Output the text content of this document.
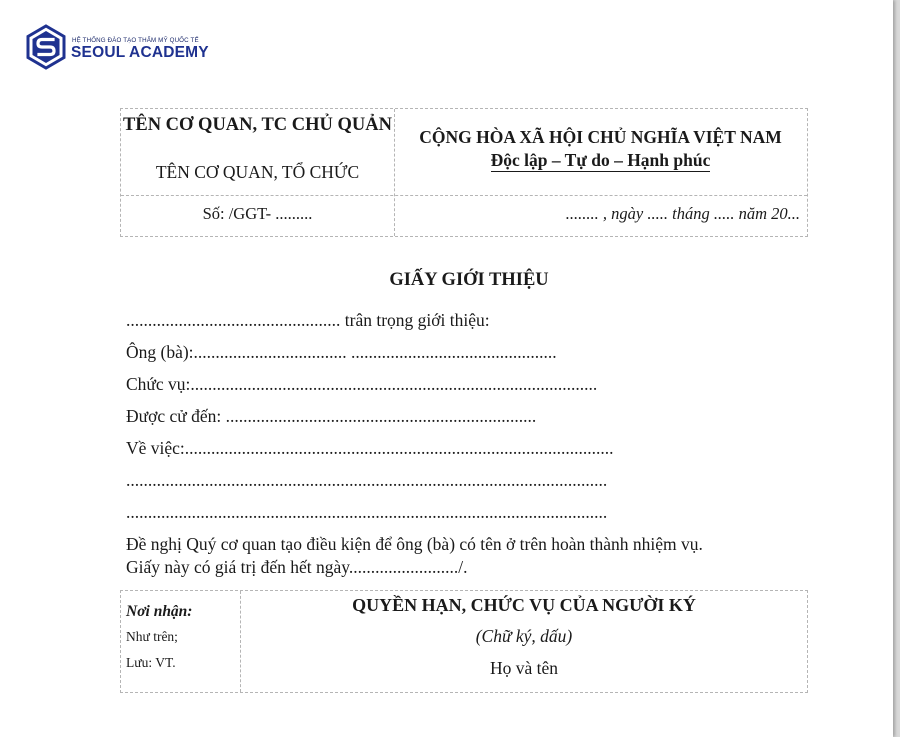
HỆ THỐNG ĐÀO TẠO THẨM MỸ QUỐC TẾ
SEOUL ACADEMY
TÊN CƠ QUAN, TC CHỦ QUẢN
TÊN CƠ QUAN, TỔ CHỨC
CỘNG HÒA XÃ HỘI CHỦ NGHĨA VIỆT NAM
Độc lập – Tự do – Hạnh phúc
Số: /GGT- .........	........ , ngày ..... tháng ..... năm 20...
GIẤY GIỚI THIỆU
................................................. trân trọng giới thiệu:
Ông (bà):................................... ...............................................
Chức vụ:.............................................................................................
Được cử đến: .......................................................................
Về việc:..................................................................................................
..............................................................................................................
..............................................................................................................
Đề nghị Quý cơ quan tạo điều kiện để ông (bà) có tên ở trên hoàn thành nhiệm vụ.
Giấy này có giá trị đến hết ngày........................./.
Nơi nhận:
Như trên;
Lưu: VT.
QUYỀN HẠN, CHỨC VỤ CỦA NGƯỜI KÝ
(Chữ ký, dấu)
Họ và tên
